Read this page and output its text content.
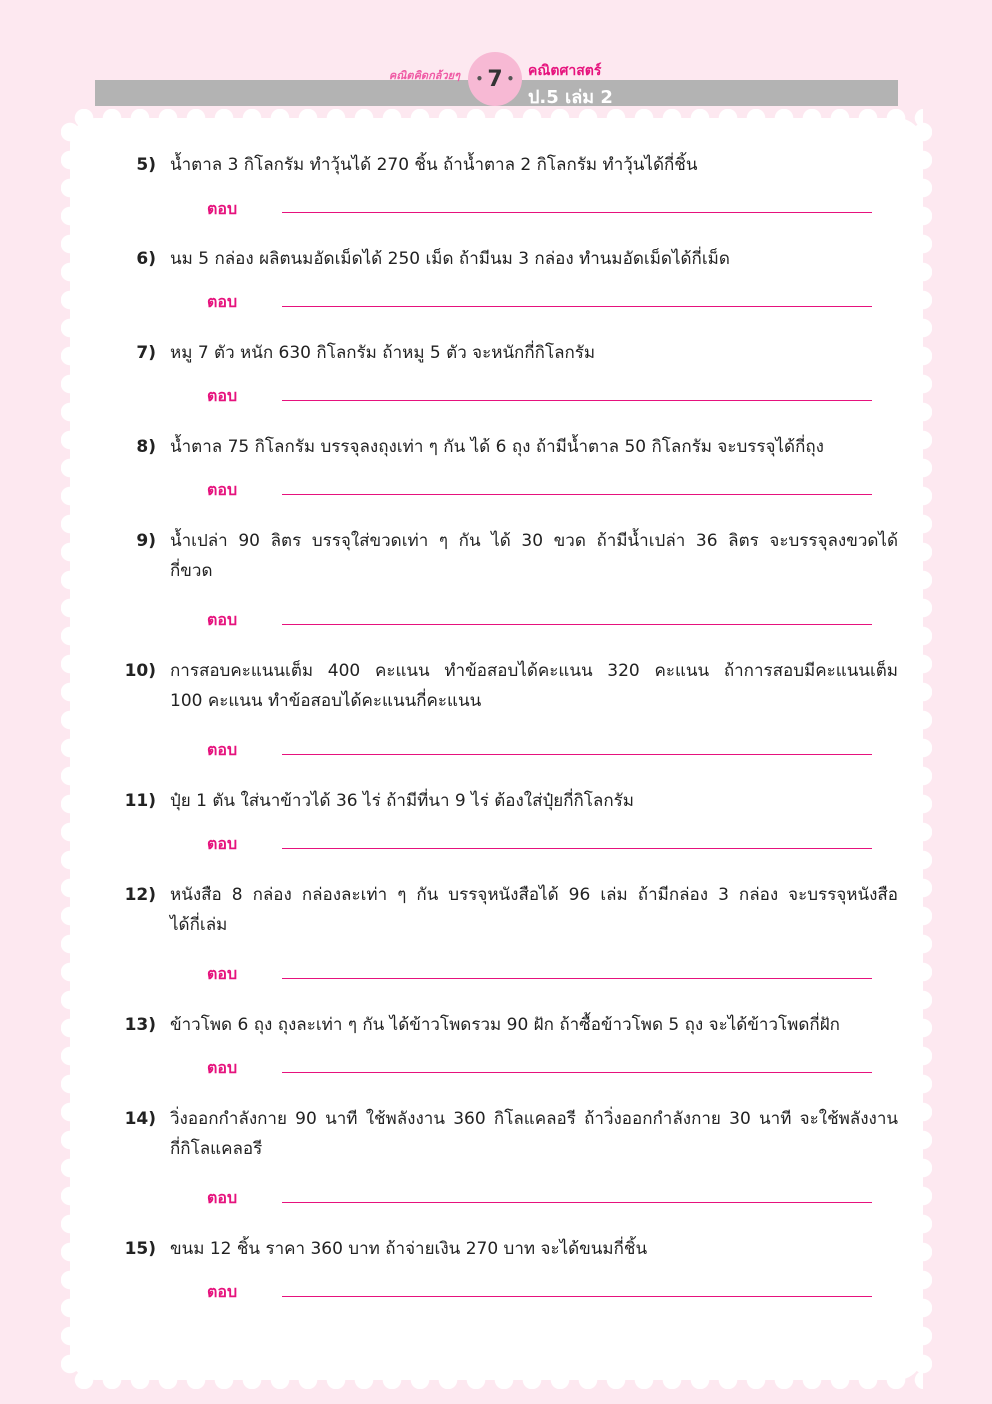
คณิตคิดกล้วยๆ • 7 • คณิตศาสตร์
ป.5 เล่ม 2
5) น้ำตาล 3 กิโลกรัม ทำวุ้นได้ 270 ชิ้น ถ้าน้ำตาล 2 กิโลกรัม ทำวุ้นได้กี่ชิ้น
ตอบ
6) นม 5 กล่อง ผลิตนมอัดเม็ดได้ 250 เม็ด ถ้ามีนม 3 กล่อง ทำนมอัดเม็ดได้กี่เม็ด
ตอบ
7) หมู 7 ตัว หนัก 630 กิโลกรัม ถ้าหมู 5 ตัว จะหนักกี่กิโลกรัม
ตอบ
8) น้ำตาล 75 กิโลกรัม บรรจุลงถุงเท่า ๆ กัน ได้ 6 ถุง ถ้ามีน้ำตาล 50 กิโลกรัม จะบรรจุได้กี่ถุง
ตอบ
9) น้ำเปล่า 90 ลิตร บรรจุใส่ขวดเท่า ๆ กัน ได้ 30 ขวด ถ้ามีน้ำเปล่า 36 ลิตร จะบรรจุลงขวดได้
กี่ขวด
ตอบ
10) การสอบคะแนนเต็ม 400 คะแนน ทำข้อสอบได้คะแนน 320 คะแนน ถ้าการสอบมีคะแนนเต็ม
100 คะแนน ทำข้อสอบได้คะแนนกี่คะแนน
ตอบ
11) ปุ๋ย 1 ตัน ใส่นาข้าวได้ 36 ไร่ ถ้ามีที่นา 9 ไร่ ต้องใส่ปุ๋ยกี่กิโลกรัม
ตอบ
12) หนังสือ 8 กล่อง กล่องละเท่า ๆ กัน บรรจุหนังสือได้ 96 เล่ม ถ้ามีกล่อง 3 กล่อง จะบรรจุหนังสือ
ได้กี่เล่ม
ตอบ
13) ข้าวโพด 6 ถุง ถุงละเท่า ๆ กัน ได้ข้าวโพดรวม 90 ฝัก ถ้าซื้อข้าวโพด 5 ถุง จะได้ข้าวโพดกี่ฝัก
ตอบ
14) วิ่งออกกำลังกาย 90 นาที ใช้พลังงาน 360 กิโลแคลอรี ถ้าวิ่งออกกำลังกาย 30 นาที จะใช้พลังงาน
กี่กิโลแคลอรี
ตอบ
15) ขนม 12 ชิ้น ราคา 360 บาท ถ้าจ่ายเงิน 270 บาท จะได้ขนมกี่ชิ้น
ตอบ
